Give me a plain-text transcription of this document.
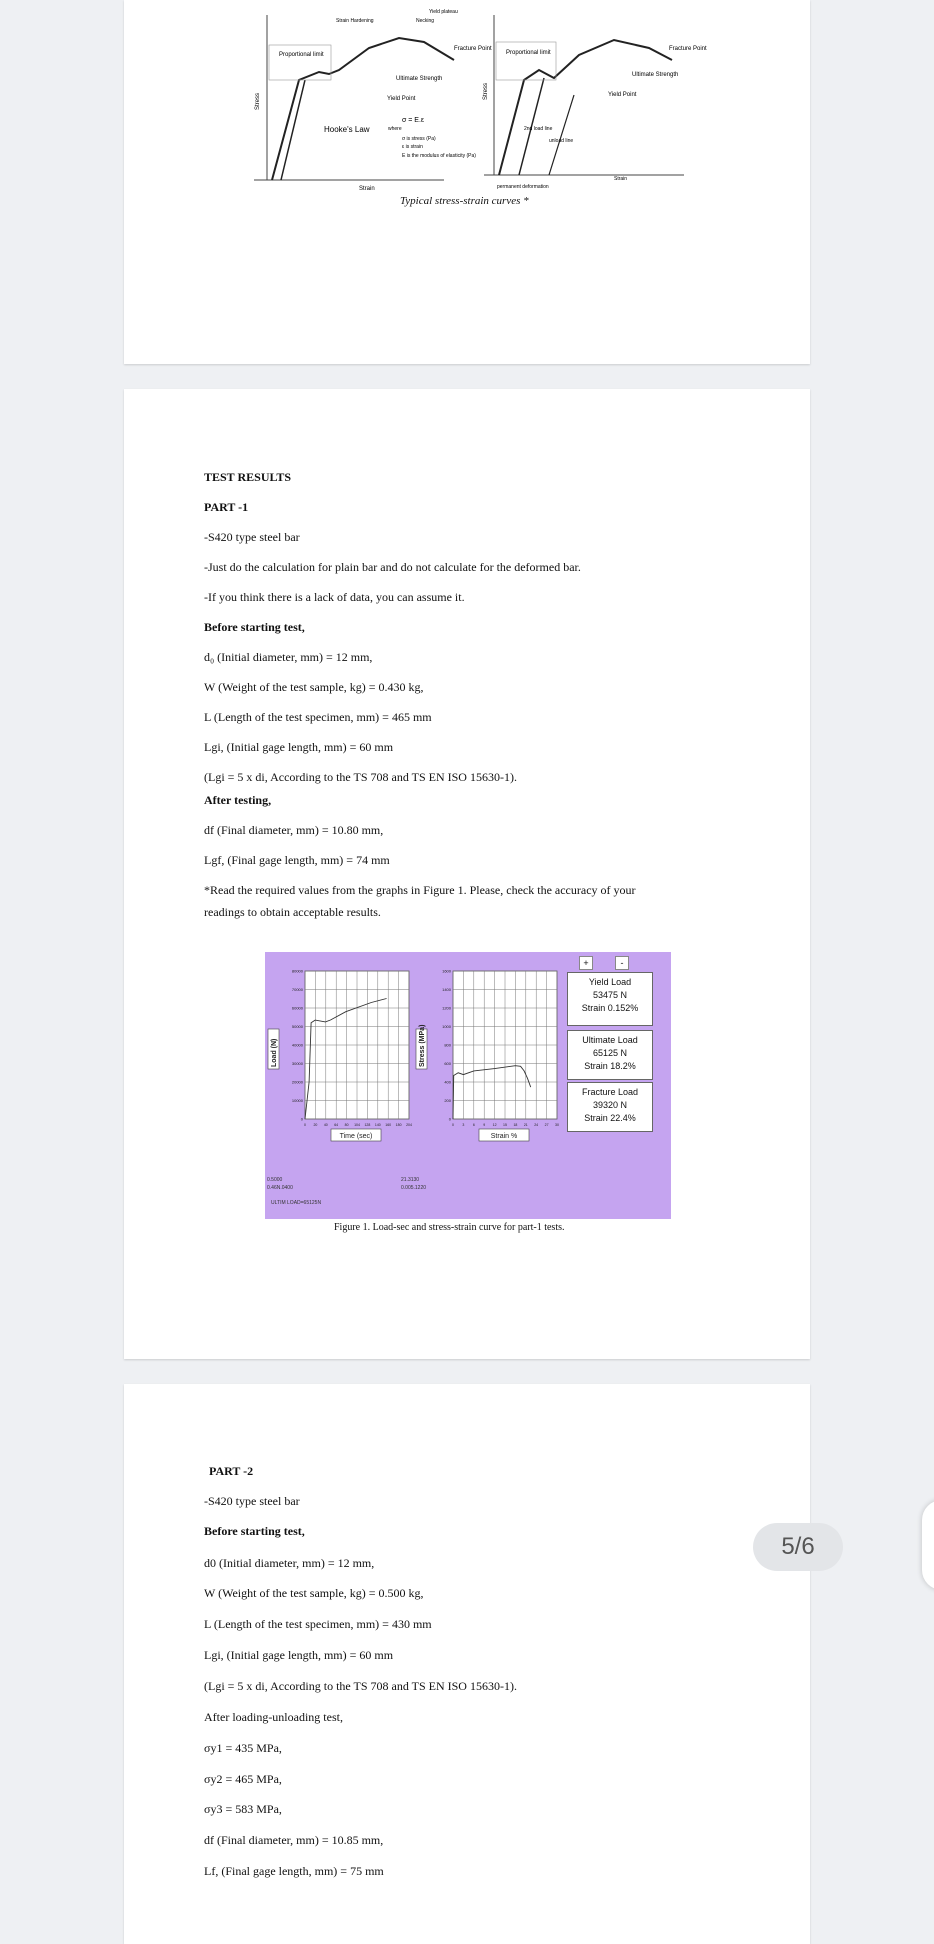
Stress
Strain
Proportional limit
Strain Hardening	Necking
Yield plateau
Fracture Point
Ultimate Strength
Yield Point
Hooke's Law
σ = E.ε
where
σ is stress (Pa)
ε is strain
E is the modulus of elasticity (Pa)
Stress
Strain
Proportional limit
Fracture Point
Ultimate Strength
Yield Point
2nd load line
unload line
permanent deformation
Typical stress-strain curves *
TEST RESULTS
PART -1
-S420 type steel bar
-Just do the calculation for plain bar and do not calculate for the deformed bar.
-If you think there is a lack of data, you can assume it.
Before starting test,
d₀ (Initial diameter, mm) = 12 mm,
W (Weight of the test sample, kg) = 0.430 kg,
L (Length of the test specimen, mm) = 465 mm
Lgi, (Initial gage length, mm) = 60 mm
(Lgi = 5 x di, According to the TS 708 and TS EN ISO 15630-1).
After testing,
df (Final diameter, mm) = 10.80 mm,
Lgf, (Final gage length, mm) = 74 mm
*Read the required values from the graphs in Figure 1. Please, check the accuracy of your
readings to obtain acceptable results.
0 20 40 64 80 104 128 140 160 180 204
0
10000
20000
30000
40000
50000
60000
70000
80000
Load (N)
Time (sec)
0 3 6 9 12 15 18 21 24 27 30
0
200
400
600
800
1000
1200
1400
1600
Stress (MPa)
Strain %
+	-
Yield Load
53475 N
Strain 0.152%
Ultimate Load
65125 N
Strain 18.2%
Fracture Load
39320 N
Strain 22.4%
0.5000
0.46N.0400
21.3130
0.005.1220
ULTIM LOAD=65125N
Figure 1. Load-sec and stress-strain curve for part-1 tests.
PART -2
-S420 type steel bar
Before starting test,
d0 (Initial diameter, mm) = 12 mm,
W (Weight of the test sample, kg) = 0.500 kg,
L (Length of the test specimen, mm) = 430 mm
Lgi, (Initial gage length, mm) = 60 mm
(Lgi = 5 x di, According to the TS 708 and TS EN ISO 15630-1).
After loading-unloading test,
σy1 = 435 MPa,
σy2 = 465 MPa,
σy3 = 583 MPa,
df (Final diameter, mm) = 10.85 mm,
Lf, (Final gage length, mm) = 75 mm
5/6
